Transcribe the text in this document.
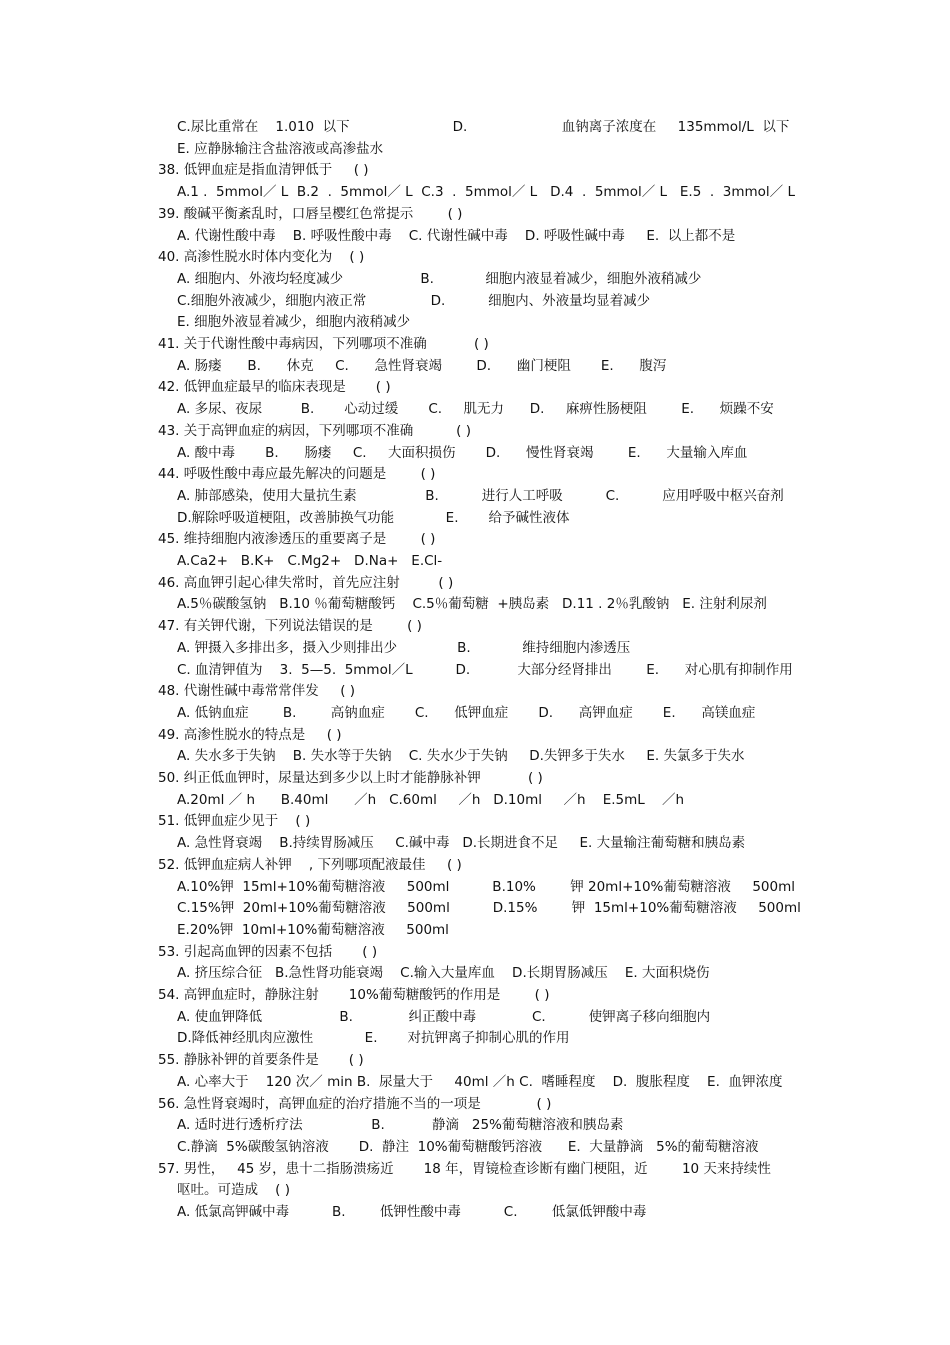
C.尿比重常在    1.010  以下                        D.                      血钠离子浓度在     135mmol/L  以下
E. 应静脉输注含盐溶液或高渗盐水
38. 低钾血症是指血清钾低于     ( )
A.1 .  5mmol／ L  B.2  .  5mmol／ L  C.3  .  5mmol／ L   D.4  .  5mmol／ L   E.5  .  3mmol／ L
39. 酸碱平衡紊乱时，口唇呈樱红色常提示        ( )
A. 代谢性酸中毒    B. 呼吸性酸中毒    C. 代谢性碱中毒    D. 呼吸性碱中毒     E.  以上都不是
40. 高渗性脱水时体内变化为    ( )
A. 细胞内、外液均轻度减少                  B.            细胞内液显着减少，细胞外液稍减少
C.细胞外液减少，细胞内液正常               D.          细胞内、外液量均显着减少
E. 细胞外液显着减少，细胞内液稍减少
41. 关于代谢性酸中毒病因，下列哪项不准确           ( )
A. 肠瘘      B.      休克     C.      急性肾衰竭        D.      幽门梗阻       E.      腹泻
42. 低钾血症最早的临床表现是       ( )
A. 多尿、夜尿         B.       心动过缓       C.     肌无力      D.     麻痹性肠梗阻        E.      烦躁不安
43. 关于高钾血症的病因，下列哪项不准确          ( )
A. 酸中毒       B.      肠瘘     C.     大面积损伤       D.      慢性肾衰竭        E.      大量输入库血
44. 呼吸性酸中毒应最先解决的问题是        ( )
A. 肺部感染，使用大量抗生素                B.          进行人工呼吸          C.          应用呼吸中枢兴奋剂
D.解除呼吸道梗阻，改善肺换气功能            E.       给予碱性液体
45. 维持细胞内液渗透压的重要离子是        ( )
A.Ca2+   B.K+   C.Mg2+   D.Na+   E.Cl-
46. 高血钾引起心律失常时，首先应注射         ( )
A.5％碳酸氢钠   B.10 ％葡萄糖酸钙    C.5％葡萄糖  +胰岛素   D.11 . 2％乳酸钠   E. 注射利尿剂
47. 有关钾代谢，下列说法错误的是        ( )
A. 钾摄入多排出多，摄入少则排出少              B.            维持细胞内渗透压
C. 血清钾值为    3.  5—5.  5mmol／L          D.           大部分经肾排出        E.      对心肌有抑制作用
48. 代谢性碱中毒常常伴发     ( )
A. 低钠血症        B.        高钠血症       C.      低钾血症       D.      高钾血症       E.      高镁血症
49. 高渗性脱水的特点是     ( )
A. 失水多于失钠    B. 失水等于失钠    C. 失水少于失钠     D.失钾多于失水     E. 失氯多于失水
50. 纠正低血钾时，尿量达到多少以上时才能静脉补钾           ( )
A.20ml ／ h      B.40ml      ／h   C.60ml     ／h   D.10ml     ／h    E.5mL    ／h
51. 低钾血症少见于    ( )
A. 急性肾衰竭    B.持续胃肠减压     C.碱中毒   D.长期进食不足     E. 大量输注葡萄糖和胰岛素
52. 低钾血症病人补钾    , 下列哪项配液最佳     ( )
A.10%钾  15ml+10%葡萄糖溶液     500ml          B.10%        钾 20ml+10%葡萄糖溶液     500ml
C.15%钾  20ml+10%葡萄糖溶液     500ml          D.15%        钾  15ml+10%葡萄糖溶液     500ml
E.20%钾  10ml+10%葡萄糖溶液     500ml
53. 引起高血钾的因素不包括       ( )
A. 挤压综合征   B.急性肾功能衰竭    C.输入大量库血    D.长期胃肠减压    E. 大面积烧伤
54. 高钾血症时，静脉注射       10%葡萄糖酸钙的作用是        ( )
A. 使血钾降低                  B.             纠正酸中毒             C.          使钾离子移向细胞内
D.降低神经肌肉应激性            E.       对抗钾离子抑制心肌的作用
55. 静脉补钾的首要条件是       ( )
A. 心率大于    120 次／ min B.  尿量大于     40ml ／h C.  嗜睡程度    D.  腹胀程度    E.  血钾浓度
56. 急性肾衰竭时，高钾血症的治疗措施不当的一项是             ( )
A. 适时进行透析疗法                B.           静滴   25%葡萄糖溶液和胰岛素
C.静滴  5%碳酸氢钠溶液       D.  静注  10%葡萄糖酸钙溶液      E.  大量静滴   5%的葡萄糖溶液
57. 男性，   45 岁，患十二指肠溃疡近       18 年，胃镜检查诊断有幽门梗阻，近        10 天来持续性
呕吐。可造成    ( )
A. 低氯高钾碱中毒          B.        低钾性酸中毒          C.        低氯低钾酸中毒
